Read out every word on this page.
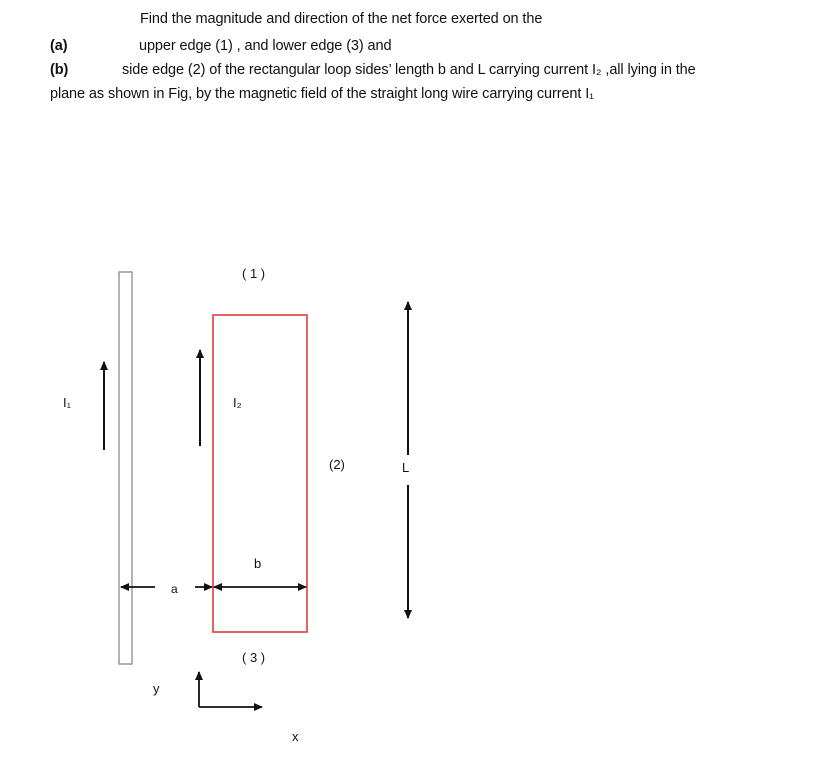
Find the magnitude and direction of the net force exerted on the
(a)	upper edge (1) , and lower edge (3) and
(b)	side edge (2) of the rectangular loop sides’ length b and L carrying current I₂ ,all lying in the
plane as shown in Fig, by the magnetic field of the straight long wire carrying current I₁
( 1 )
I₁	I₂
(2)	L
b
a
( 3 )
y
x
